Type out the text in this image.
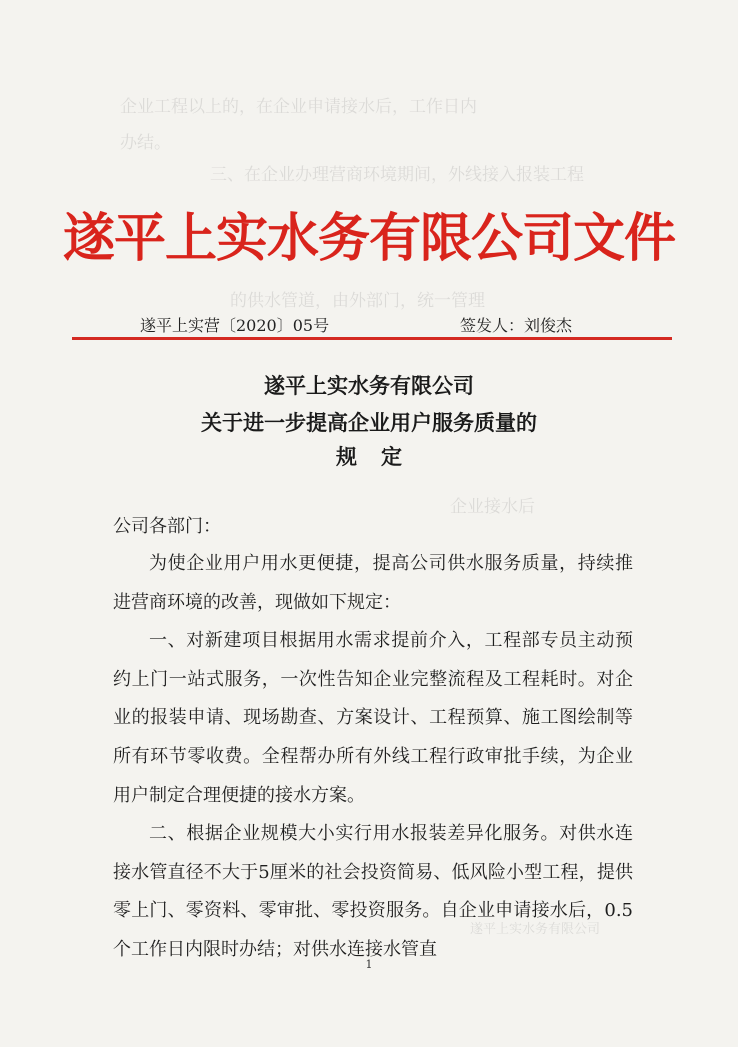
企业工程以上的，在企业申请接水后，工作日内
办结。
三、在企业办理营商环境期间，外线接入报装工程
的供水管道，由外部门，统一管理
企业接水后
遂平上实水务有限公司
遂平上实水务有限公司文件
遂平上实营〔2020〕05号	签发人：刘俊杰
遂平上实水务有限公司
关于进一步提高企业用户服务质量的
规定
公司各部门：

为使企业用户用水更便捷，提高公司供水服务质量，持续推进营商环境的改善，现做如下规定：

一、对新建项目根据用水需求提前介入，工程部专员主动预约上门一站式服务，一次性告知企业完整流程及工程耗时。对企业的报装申请、现场勘查、方案设计、工程预算、施工图绘制等所有环节零收费。全程帮办所有外线工程行政审批手续，为企业用户制定合理便捷的接水方案。

二、根据企业规模大小实行用水报装差异化服务。对供水连接水管直径不大于5厘米的社会投资简易、低风险小型工程，提供零上门、零资料、零审批、零投资服务。自企业申请接水后，0.5个工作日内限时办结；对供水连接水管直

1
